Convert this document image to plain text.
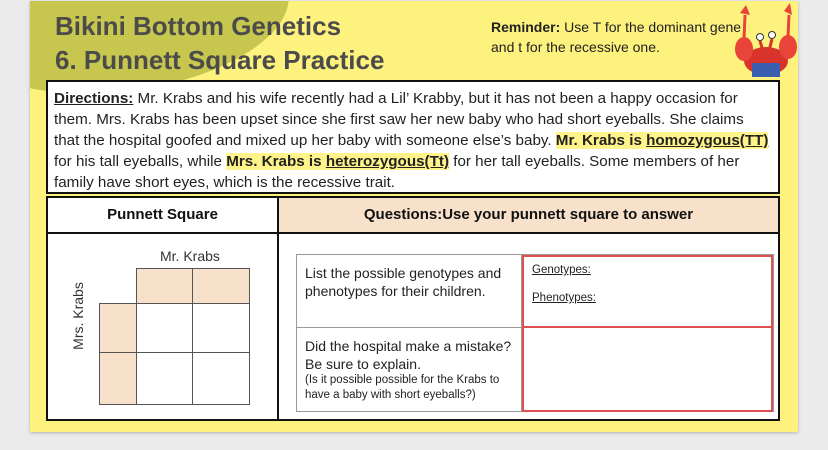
Bikini Bottom Genetics
6. Punnett Square Practice
Reminder: Use T for the dominant gene and t for the recessive one.
Directions: Mr. Krabs and his wife recently had a Lil’ Krabby, but it has not been a happy occasion for them. Mrs. Krabs has been upset since she first saw her new baby who had short eyeballs. She claims that the hospital goofed and mixed up her baby with someone else’s baby. Mr. Krabs is homozygous(TT) for his tall eyeballs, while Mrs. Krabs is heterozygous(Tt) for her tall eyeballs. Some members of her family have short eyes, which is the recessive trait.
Punnett Square	Questions:Use your punnett square to answer
Mr. Krabs
Mrs. Krabs
List the possible genotypes and phenotypes for their children.
Genotypes:
Phenotypes:
Did the hospital make a mistake? Be sure to explain.
(Is it possible possible for the Krabs to have a baby with short eyeballs?)
